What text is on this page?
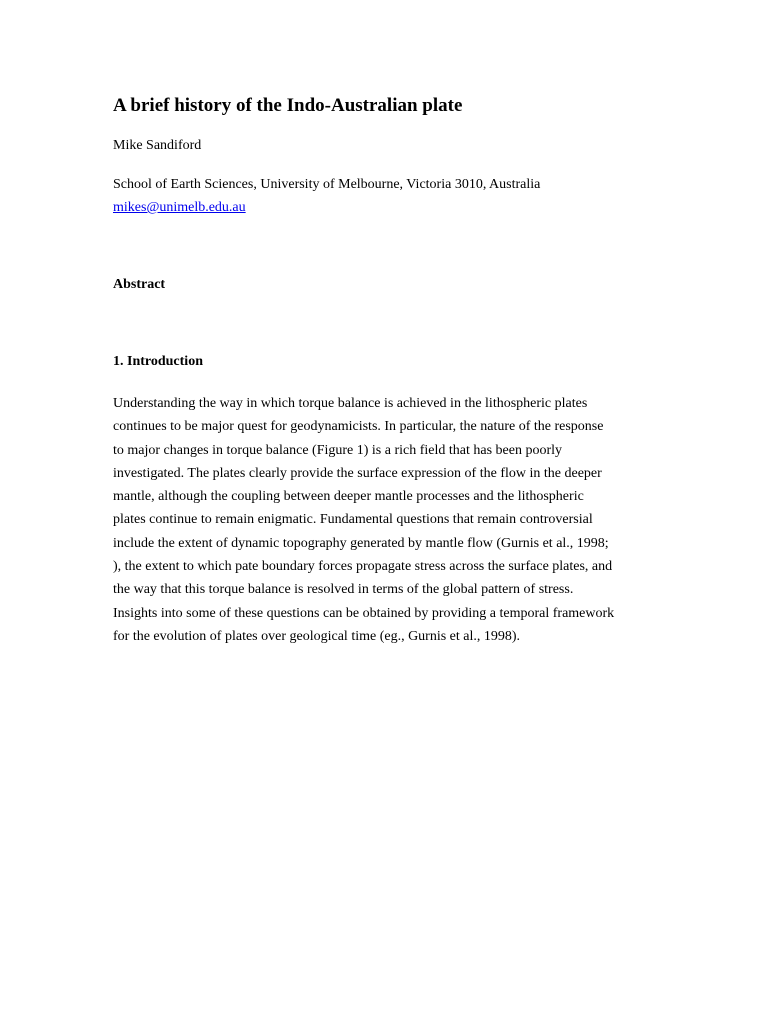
A brief history of the Indo-Australian plate
Mike Sandiford
School of Earth Sciences, University of Melbourne, Victoria 3010, Australia
mikes@unimelb.edu.au
Abstract
1. Introduction
Understanding the way in which torque balance is achieved in the lithospheric plates
continues to be major quest for geodynamicists. In particular, the nature of the response
to major changes in torque balance (Figure 1) is a rich field that has been poorly
investigated. The plates clearly provide the surface expression of the flow in the deeper
mantle, although the coupling between deeper mantle processes and the lithospheric
plates continue to remain enigmatic. Fundamental questions that remain controversial
include the extent of dynamic topography generated by mantle flow (Gurnis et al., 1998;
), the extent to which pate boundary forces propagate stress across the surface plates, and
the way that this torque balance is resolved in terms of the global pattern of stress.
Insights into some of these questions can be obtained by providing a temporal framework
for the evolution of plates over geological time (eg., Gurnis et al., 1998).
